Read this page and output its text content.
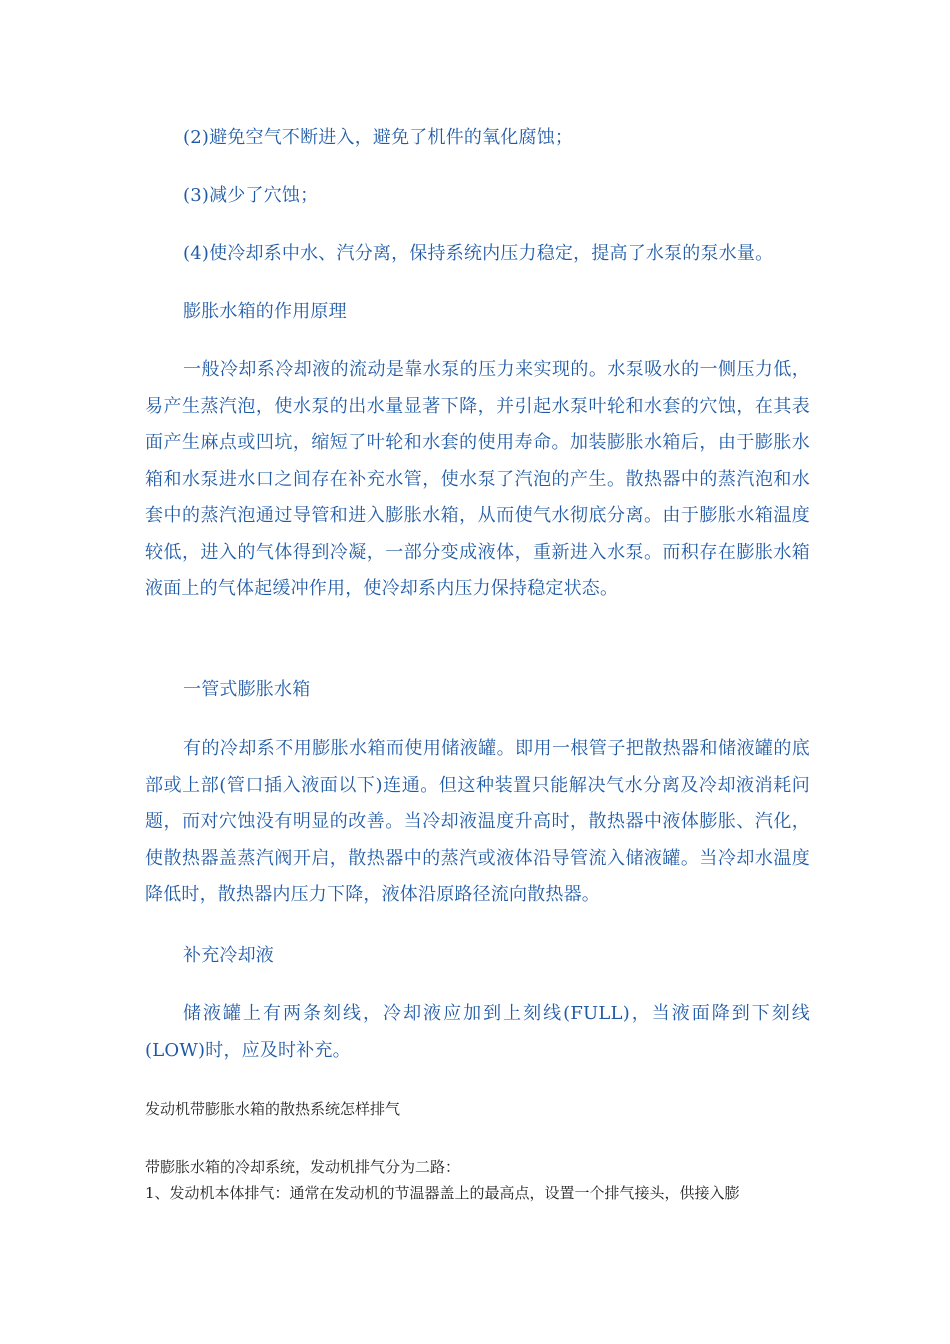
(2)避免空气不断进入，避免了机件的氧化腐蚀；

(3)减少了穴蚀；

(4)使冷却系中水、汽分离，保持系统内压力稳定，提高了水泵的泵水量。

膨胀水箱的作用原理

一般冷却系冷却液的流动是靠水泵的压力来实现的。水泵吸水的一侧压力低，易产生蒸汽泡，使水泵的出水量显著下降，并引起水泵叶轮和水套的穴蚀，在其表面产生麻点或凹坑，缩短了叶轮和水套的使用寿命。加装膨胀水箱后，由于膨胀水箱和水泵进水口之间存在补充水管，使水泵了汽泡的产生。散热器中的蒸汽泡和水套中的蒸汽泡通过导管和进入膨胀水箱，从而使气水彻底分离。由于膨胀水箱温度较低，进入的气体得到冷凝，一部分变成液体，重新进入水泵。而积存在膨胀水箱液面上的气体起缓冲作用，使冷却系内压力保持稳定状态。

一管式膨胀水箱

有的冷却系不用膨胀水箱而使用储液罐。即用一根管子把散热器和储液罐的底部或上部(管口插入液面以下)连通。但这种装置只能解决气水分离及冷却液消耗问题，而对穴蚀没有明显的改善。当冷却液温度升高时，散热器中液体膨胀、汽化，使散热器盖蒸汽阀开启，散热器中的蒸汽或液体沿导管流入储液罐。当冷却水温度降低时，散热器内压力下降，液体沿原路径流向散热器。

补充冷却液

储液罐上有两条刻线，冷却液应加到上刻线(FULL)，当液面降到下刻线(LOW)时，应及时补充。

发动机带膨胀水箱的散热系统怎样排气

带膨胀水箱的冷却系统，发动机排气分为二路：

1、发动机本体排气：通常在发动机的节温器盖上的最高点，设置一个排气接头，供接入膨
